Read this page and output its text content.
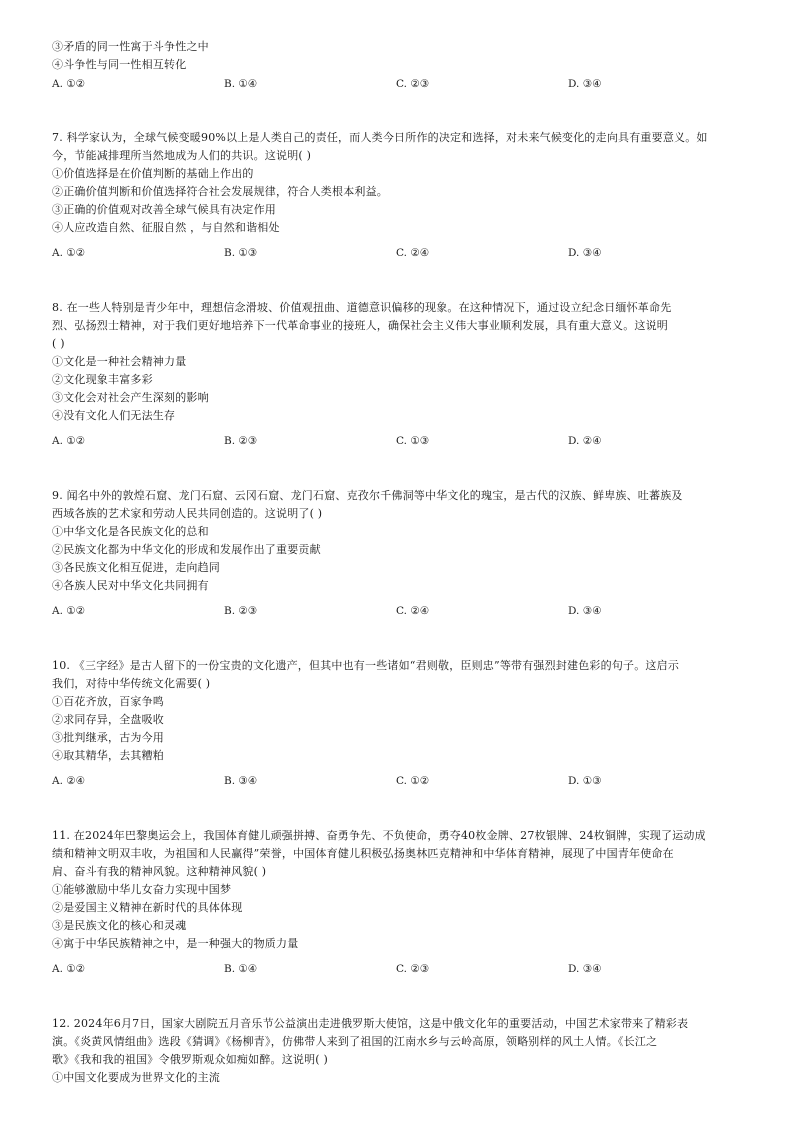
③矛盾的同一性寓于斗争性之中
④斗争性与同一性相互转化
A. ①②	B. ①④	C. ②③	D. ③④
7. 科学家认为，全球气候变暖90%以上是人类自己的责任，而人类今日所作的决定和选择，对未来气候变化的走向具有重要意义。如
今，节能减排理所当然地成为人们的共识。这说明( )
①价值选择是在价值判断的基础上作出的
②正确价值判断和价值选择符合社会发展规律，符合人类根本利益。
③正确的价值观对改善全球气候具有决定作用
④人应改造自然、征服自然 ，与自然和谐相处
A. ①②	B. ①③	C. ②④	D. ③④
8. 在一些人特别是青少年中，理想信念滑坡、价值观扭曲、道德意识偏移的现象。在这种情况下，通过设立纪念日缅怀革命先
烈、弘扬烈士精神，对于我们更好地培养下一代革命事业的接班人，确保社会主义伟大事业顺利发展，具有重大意义。这说明
( )
①文化是一种社会精神力量
②文化现象丰富多彩
③文化会对社会产生深刻的影响
④没有文化人们无法生存
A. ①②	B. ②③	C. ①③	D. ②④
9. 闻名中外的敦煌石窟、龙门石窟、云冈石窟、龙门石窟、克孜尔千佛洞等中华文化的瑰宝，是古代的汉族、鲜卑族、吐蕃族及
西域各族的艺术家和劳动人民共同创造的。这说明了( )
①中华文化是各民族文化的总和
②民族文化都为中华文化的形成和发展作出了重要贡献
③各民族文化相互促进，走向趋同
④各族人民对中华文化共同拥有
A. ①②	B. ②③	C. ②④	D. ③④
10. 《三字经》是古人留下的一份宝贵的文化遗产，但其中也有一些诸如“君则敬，臣则忠”等带有强烈封建色彩的句子。这启示
我们，对待中华传统文化需要( )
①百花齐放，百家争鸣
②求同存异，全盘吸收
③批判继承，古为今用
④取其精华，去其糟粕
A. ②④	B. ③④	C. ①②	D. ①③
11. 在2024年巴黎奥运会上，我国体育健儿顽强拼搏、奋勇争先、不负使命，勇夺40枚金牌、27枚银牌、24枚铜牌，实现了运动成
绩和精神文明双丰收，为祖国和人民赢得”荣誉，中国体育健儿积极弘扬奥林匹克精神和中华体育精神，展现了中国青年使命在
肩、奋斗有我的精神风貌。这种精神风貌( )
①能够激励中华儿女奋力实现中国梦
②是爱国主义精神在新时代的具体体现
③是民族文化的核心和灵魂
④寓于中华民族精神之中，是一种强大的物质力量
A. ①②	B. ①④	C. ②③	D. ③④
12. 2024年6月7日，国家大剧院五月音乐节公益演出走进俄罗斯大使馆，这是中俄文化年的重要活动，中国艺术家带来了精彩表
演。《炎黄风情组曲》选段《猜调》《杨柳青》，仿佛带人来到了祖国的江南水乡与云岭高原，领略别样的风土人情。《长江之
歌》《我和我的祖国》令俄罗斯观众如痴如醉。这说明( )
①中国文化要成为世界文化的主流
